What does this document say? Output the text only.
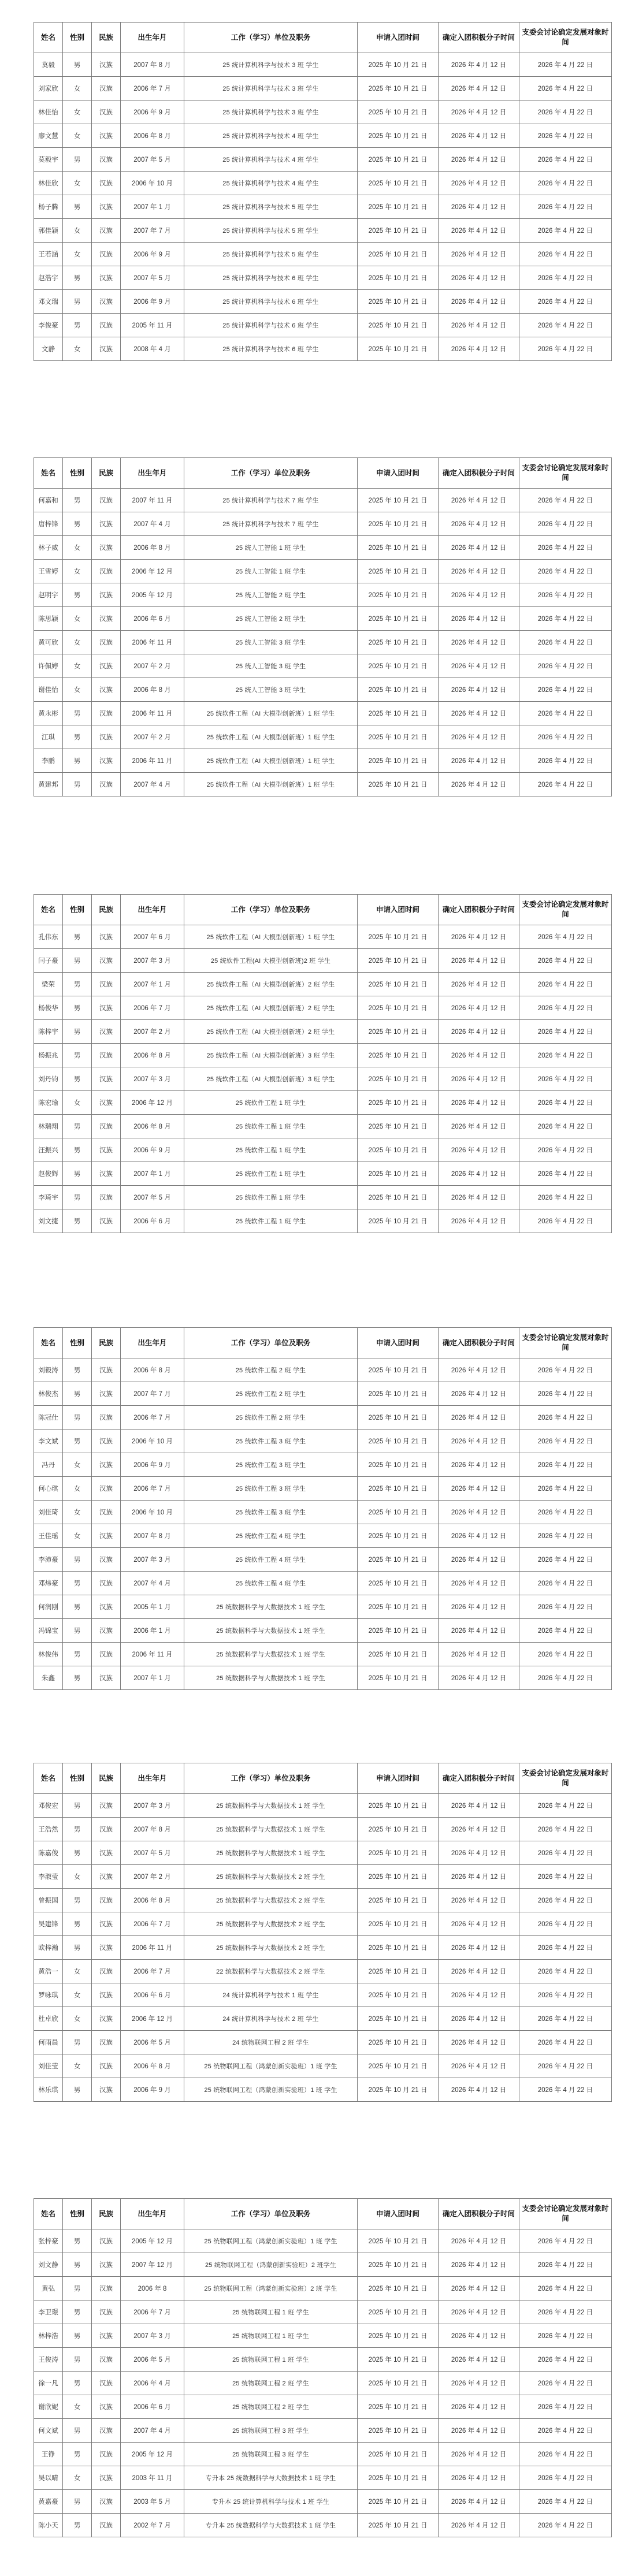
姓名	性别	民族	出生年月	工作（学习）单位及职务	申请入团时间	确定入团积极分子时间	支委会讨论确定发展对象时间
莫毅	男	汉族	2007 年 8 月	25 统计算机科学与技术 3 班 学生	2025 年 10 月 21 日	2026 年 4 月 12 日	2026 年 4 月 22 日
刘家欣	女	汉族	2006 年 7 月	25 统计算机科学与技术 3 班 学生	2025 年 10 月 21 日	2026 年 4 月 12 日	2026 年 4 月 22 日
林佳怡	女	汉族	2006 年 9 月	25 统计算机科学与技术 3 班 学生	2025 年 10 月 21 日	2026 年 4 月 12 日	2026 年 4 月 22 日
廖文慧	女	汉族	2006 年 8 月	25 统计算机科学与技术 4 班 学生	2025 年 10 月 21 日	2026 年 4 月 12 日	2026 年 4 月 22 日
莫毅宇	男	汉族	2007 年 5 月	25 统计算机科学与技术 4 班 学生	2025 年 10 月 21 日	2026 年 4 月 12 日	2026 年 4 月 22 日
林佳欣	女	汉族	2006 年 10 月	25 统计算机科学与技术 4 班 学生	2025 年 10 月 21 日	2026 年 4 月 12 日	2026 年 4 月 22 日
杨子腾	男	汉族	2007 年 1 月	25 统计算机科学与技术 5 班 学生	2025 年 10 月 21 日	2026 年 4 月 12 日	2026 年 4 月 22 日
郭佳颖	女	汉族	2007 年 7 月	25 统计算机科学与技术 5 班 学生	2025 年 10 月 21 日	2026 年 4 月 12 日	2026 年 4 月 22 日
王若涵	女	汉族	2006 年 9 月	25 统计算机科学与技术 5 班 学生	2025 年 10 月 21 日	2026 年 4 月 12 日	2026 年 4 月 22 日
赵浩宇	男	汉族	2007 年 5 月	25 统计算机科学与技术 6 班 学生	2025 年 10 月 21 日	2026 年 4 月 12 日	2026 年 4 月 22 日
邓文瑞	男	汉族	2006 年 9 月	25 统计算机科学与技术 6 班 学生	2025 年 10 月 21 日	2026 年 4 月 12 日	2026 年 4 月 22 日
李俊豪	男	汉族	2005 年 11 月	25 统计算机科学与技术 6 班 学生	2025 年 10 月 21 日	2026 年 4 月 12 日	2026 年 4 月 22 日
文静	女	汉族	2008 年 4 月	25 统计算机科学与技术 6 班 学生	2025 年 10 月 21 日	2026 年 4 月 12 日	2026 年 4 月 22 日
姓名	性别	民族	出生年月	工作（学习）单位及职务	申请入团时间	确定入团积极分子时间	支委会讨论确定发展对象时间
何嘉和	男	汉族	2007 年 11 月	25 统计算机科学与技术 7 班 学生	2025 年 10 月 21 日	2026 年 4 月 12 日	2026 年 4 月 22 日
唐梓锋	男	汉族	2007 年 4 月	25 统计算机科学与技术 7 班 学生	2025 年 10 月 21 日	2026 年 4 月 12 日	2026 年 4 月 22 日
林子威	女	汉族	2006 年 8 月	25 统人工智能 1 班 学生	2025 年 10 月 21 日	2026 年 4 月 12 日	2026 年 4 月 22 日
王雪婷	女	汉族	2006 年 12 月	25 统人工智能 1 班 学生	2025 年 10 月 21 日	2026 年 4 月 12 日	2026 年 4 月 22 日
赵明宇	男	汉族	2005 年 12 月	25 统人工智能 2 班 学生	2025 年 10 月 21 日	2026 年 4 月 12 日	2026 年 4 月 22 日
陈思颖	女	汉族	2006 年 6 月	25 统人工智能 2 班 学生	2025 年 10 月 21 日	2026 年 4 月 12 日	2026 年 4 月 22 日
黄可欣	女	汉族	2006 年 11 月	25 统人工智能 3 班 学生	2025 年 10 月 21 日	2026 年 4 月 12 日	2026 年 4 月 22 日
许佩婷	女	汉族	2007 年 2 月	25 统人工智能 3 班 学生	2025 年 10 月 21 日	2026 年 4 月 12 日	2026 年 4 月 22 日
谢佳怡	女	汉族	2006 年 8 月	25 统人工智能 3 班 学生	2025 年 10 月 21 日	2026 年 4 月 12 日	2026 年 4 月 22 日
黄永彬	男	汉族	2006 年 11 月	25 统软件工程（AI 大模型创新班）1 班 学生	2025 年 10 月 21 日	2026 年 4 月 12 日	2026 年 4 月 22 日
江琪	男	汉族	2007 年 2 月	25 统软件工程（AI 大模型创新班）1 班 学生	2025 年 10 月 21 日	2026 年 4 月 12 日	2026 年 4 月 22 日
李鹏	男	汉族	2006 年 11 月	25 统软件工程（AI 大模型创新班）1 班 学生	2025 年 10 月 21 日	2026 年 4 月 12 日	2026 年 4 月 22 日
黄建邦	男	汉族	2007 年 4 月	25 统软件工程（AI 大模型创新班）1 班 学生	2025 年 10 月 21 日	2026 年 4 月 12 日	2026 年 4 月 22 日
姓名	性别	民族	出生年月	工作（学习）单位及职务	申请入团时间	确定入团积极分子时间	支委会讨论确定发展对象时间
孔伟东	男	汉族	2007 年 6 月	25 统软件工程（AI 大模型创新班）1 班 学生	2025 年 10 月 21 日	2026 年 4 月 12 日	2026 年 4 月 22 日
闫子豪	男	汉族	2007 年 3 月	25 统软件工程(AI 大模型创新班)2 班 学生	2025 年 10 月 21 日	2026 年 4 月 12 日	2026 年 4 月 22 日
梁荣	男	汉族	2007 年 1 月	25 统软件工程（AI 大模型创新班）2 班 学生	2025 年 10 月 21 日	2026 年 4 月 12 日	2026 年 4 月 22 日
杨俊华	男	汉族	2006 年 7 月	25 统软件工程（AI 大模型创新班）2 班 学生	2025 年 10 月 21 日	2026 年 4 月 12 日	2026 年 4 月 22 日
陈梓宇	男	汉族	2007 年 2 月	25 统软件工程（AI 大模型创新班）2 班 学生	2025 年 10 月 21 日	2026 年 4 月 12 日	2026 年 4 月 22 日
杨振兆	男	汉族	2006 年 8 月	25 统软件工程（AI 大模型创新班）3 班 学生	2025 年 10 月 21 日	2026 年 4 月 12 日	2026 年 4 月 22 日
刘丹钧	男	汉族	2007 年 3 月	25 统软件工程（AI 大模型创新班）3 班 学生	2025 年 10 月 21 日	2026 年 4 月 12 日	2026 年 4 月 22 日
陈宏瑜	女	汉族	2006 年 12 月	25 统软件工程 1 班 学生	2025 年 10 月 21 日	2026 年 4 月 12 日	2026 年 4 月 22 日
林瑞翔	男	汉族	2006 年 8 月	25 统软件工程 1 班 学生	2025 年 10 月 21 日	2026 年 4 月 12 日	2026 年 4 月 22 日
汪振兴	男	汉族	2006 年 9 月	25 统软件工程 1 班 学生	2025 年 10 月 21 日	2026 年 4 月 12 日	2026 年 4 月 22 日
赵俊辉	男	汉族	2007 年 1 月	25 统软件工程 1 班 学生	2025 年 10 月 21 日	2026 年 4 月 12 日	2026 年 4 月 22 日
李琦宇	男	汉族	2007 年 5 月	25 统软件工程 1 班 学生	2025 年 10 月 21 日	2026 年 4 月 12 日	2026 年 4 月 22 日
刘文捷	男	汉族	2006 年 6 月	25 统软件工程 1 班 学生	2025 年 10 月 21 日	2026 年 4 月 12 日	2026 年 4 月 22 日
姓名	性别	民族	出生年月	工作（学习）单位及职务	申请入团时间	确定入团积极分子时间	支委会讨论确定发展对象时间
刘毅涛	男	汉族	2006 年 8 月	25 统软件工程 2 班 学生	2025 年 10 月 21 日	2026 年 4 月 12 日	2026 年 4 月 22 日
林俊杰	男	汉族	2007 年 7 月	25 统软件工程 2 班 学生	2025 年 10 月 21 日	2026 年 4 月 12 日	2026 年 4 月 22 日
陈冠仕	男	汉族	2006 年 7 月	25 统软件工程 2 班 学生	2025 年 10 月 21 日	2026 年 4 月 12 日	2026 年 4 月 22 日
李文斌	男	汉族	2006 年 10 月	25 统软件工程 3 班 学生	2025 年 10 月 21 日	2026 年 4 月 12 日	2026 年 4 月 22 日
冯丹	女	汉族	2006 年 9 月	25 统软件工程 3 班 学生	2025 年 10 月 21 日	2026 年 4 月 12 日	2026 年 4 月 22 日
何心琪	女	汉族	2006 年 7 月	25 统软件工程 3 班 学生	2025 年 10 月 21 日	2026 年 4 月 12 日	2026 年 4 月 22 日
刘佳琦	女	汉族	2006 年 10 月	25 统软件工程 3 班 学生	2025 年 10 月 21 日	2026 年 4 月 12 日	2026 年 4 月 22 日
王佳瑶	女	汉族	2007 年 8 月	25 统软件工程 4 班 学生	2025 年 10 月 21 日	2026 年 4 月 12 日	2026 年 4 月 22 日
李沛豪	男	汉族	2007 年 3 月	25 统软件工程 4 班 学生	2025 年 10 月 21 日	2026 年 4 月 12 日	2026 年 4 月 22 日
邓炜豪	男	汉族	2007 年 4 月	25 统软件工程 4 班 学生	2025 年 10 月 21 日	2026 年 4 月 12 日	2026 年 4 月 22 日
何润刚	男	汉族	2005 年 1 月	25 统数据科学与大数据技术 1 班 学生	2025 年 10 月 21 日	2026 年 4 月 12 日	2026 年 4 月 22 日
冯锦宝	男	汉族	2006 年 1 月	25 统数据科学与大数据技术 1 班 学生	2025 年 10 月 21 日	2026 年 4 月 12 日	2026 年 4 月 22 日
林俊伟	男	汉族	2006 年 11 月	25 统数据科学与大数据技术 1 班 学生	2025 年 10 月 21 日	2026 年 4 月 12 日	2026 年 4 月 22 日
朱鑫	男	汉族	2007 年 1 月	25 统数据科学与大数据技术 1 班 学生	2025 年 10 月 21 日	2026 年 4 月 12 日	2026 年 4 月 22 日
姓名	性别	民族	出生年月	工作（学习）单位及职务	申请入团时间	确定入团积极分子时间	支委会讨论确定发展对象时间
邓俊宏	男	汉族	2007 年 3 月	25 统数据科学与大数据技术 1 班 学生	2025 年 10 月 21 日	2026 年 4 月 12 日	2026 年 4 月 22 日
王浩然	男	汉族	2007 年 8 月	25 统数据科学与大数据技术 1 班 学生	2025 年 10 月 21 日	2026 年 4 月 12 日	2026 年 4 月 22 日
陈嘉俊	男	汉族	2007 年 5 月	25 统数据科学与大数据技术 1 班 学生	2025 年 10 月 21 日	2026 年 4 月 12 日	2026 年 4 月 22 日
李淑莹	女	汉族	2007 年 2 月	25 统数据科学与大数据技术 2 班 学生	2025 年 10 月 21 日	2026 年 4 月 12 日	2026 年 4 月 22 日
曾振国	男	汉族	2006 年 8 月	25 统数据科学与大数据技术 2 班 学生	2025 年 10 月 21 日	2026 年 4 月 12 日	2026 年 4 月 22 日
吴建锋	男	汉族	2006 年 7 月	25 统数据科学与大数据技术 2 班 学生	2025 年 10 月 21 日	2026 年 4 月 12 日	2026 年 4 月 22 日
欧梓瀚	男	汉族	2006 年 11 月	25 统数据科学与大数据技术 2 班 学生	2025 年 10 月 21 日	2026 年 4 月 12 日	2026 年 4 月 22 日
黄浩一	女	汉族	2006 年 7 月	22 统数据科学与大数据技术 2 班 学生	2025 年 10 月 21 日	2026 年 4 月 12 日	2026 年 4 月 22 日
罗咏琪	女	汉族	2006 年 6 月	24 统计算机科学与技术 1 班 学生	2025 年 10 月 21 日	2026 年 4 月 12 日	2026 年 4 月 22 日
杜卓欣	女	汉族	2006 年 12 月	24 统计算机科学与技术 2 班 学生	2025 年 10 月 21 日	2026 年 4 月 12 日	2026 年 4 月 22 日
何雨晨	男	汉族	2006 年 5 月	24 统物联网工程 2 班 学生	2025 年 10 月 21 日	2026 年 4 月 12 日	2026 年 4 月 22 日
刘佳莹	女	汉族	2006 年 8 月	25 统物联网工程（鸿蒙创新实验班）1 班 学生	2025 年 10 月 21 日	2026 年 4 月 12 日	2026 年 4 月 22 日
林乐琪	男	汉族	2006 年 9 月	25 统物联网工程（鸿蒙创新实验班）1 班 学生	2025 年 10 月 21 日	2026 年 4 月 12 日	2026 年 4 月 22 日
姓名	性别	民族	出生年月	工作（学习）单位及职务	申请入团时间	确定入团积极分子时间	支委会讨论确定发展对象时间
张梓豪	男	汉族	2005 年 12 月	25 统物联网工程（鸿蒙创新实验班）1 班 学生	2025 年 10 月 21 日	2026 年 4 月 12 日	2026 年 4 月 22 日
刘文静	男	汉族	2007 年 12 月	25 统物联网工程（鸿蒙创新实验班）2 班学生	2025 年 10 月 21 日	2026 年 4 月 12 日	2026 年 4 月 22 日
黄弘	男	汉族	2006 年 8	25 统物联网工程（鸿蒙创新实验班）2 班 学生	2025 年 10 月 21 日	2026 年 4 月 12 日	2026 年 4 月 22 日
李卫璟	男	汉族	2006 年 7 月	25 统物联网工程 1 班 学生	2025 年 10 月 21 日	2026 年 4 月 12 日	2026 年 4 月 22 日
林梓浩	男	汉族	2007 年 3 月	25 统物联网工程 1 班 学生	2025 年 10 月 21 日	2026 年 4 月 12 日	2026 年 4 月 22 日
王俊涛	男	汉族	2006 年 5 月	25 统物联网工程 1 班 学生	2025 年 10 月 21 日	2026 年 4 月 12 日	2026 年 4 月 22 日
徐一凡	男	汉族	2006 年 4 月	25 统物联网工程 2 班 学生	2025 年 10 月 21 日	2026 年 4 月 12 日	2026 年 4 月 22 日
谢欣妮	女	汉族	2006 年 6 月	25 统物联网工程 2 班 学生	2025 年 10 月 21 日	2026 年 4 月 12 日	2026 年 4 月 22 日
何文斌	男	汉族	2007 年 4 月	25 统物联网工程 3 班 学生	2025 年 10 月 21 日	2026 年 4 月 12 日	2026 年 4 月 22 日
王铮	男	汉族	2005 年 12 月	25 统物联网工程 3 班 学生	2025 年 10 月 21 日	2026 年 4 月 12 日	2026 年 4 月 22 日
吴以晴	女	汉族	2003 年 11 月	专升本 25 统数据科学与大数据技术 1 班 学生	2025 年 10 月 21 日	2026 年 4 月 12 日	2026 年 4 月 22 日
黄嘉豪	男	汉族	2003 年 5 月	专升本 25 统计算机科学与技术 1 班 学生	2025 年 10 月 21 日	2026 年 4 月 12 日	2026 年 4 月 22 日
陈小天	男	汉族	2002 年 7 月	专升本 25 统数据科学与大数据技术 1 班 学生	2025 年 10 月 21 日	2026 年 4 月 12 日	2026 年 4 月 22 日
